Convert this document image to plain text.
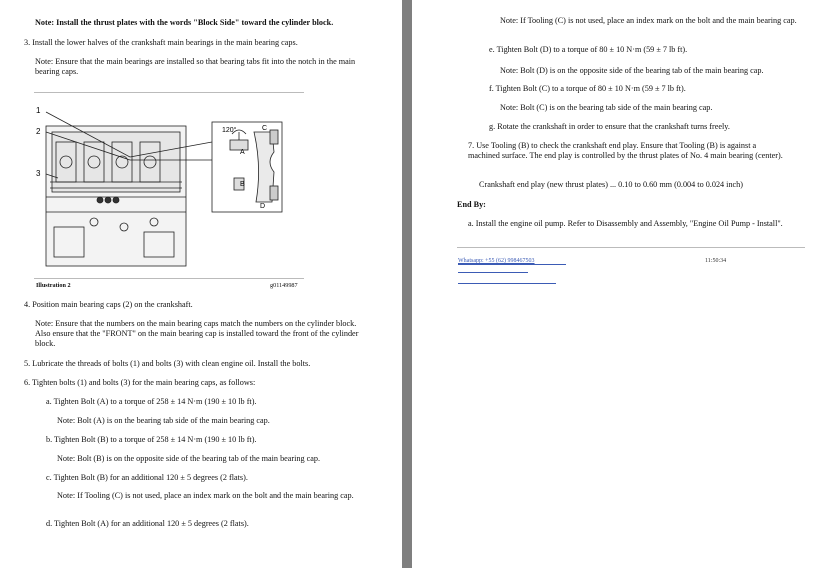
Note: Install the thrust plates with the words "Block Side" toward the cylinder block.

3. Install the lower halves of the crankshaft main bearings in the main bearing caps.

Note: Ensure that the main bearings are installed so that bearing tabs fit into the notch in the main bearing caps.

1
2
3
120°
A
B
C
D
Illustration 2	g01149987

4. Position main bearing caps (2) on the crankshaft.

Note: Ensure that the numbers on the main bearing caps match the numbers on the cylinder block. Also ensure that the "FRONT" on the main bearing cap is installed toward the front of the cylinder block.

5. Lubricate the threads of bolts (1) and bolts (3) with clean engine oil. Install the bolts.

6. Tighten bolts (1) and bolts (3) for the main bearing caps, as follows:

a. Tighten Bolt (A) to a torque of 258 ± 14 N·m (190 ± 10 lb ft).

Note: Bolt (A) is on the bearing tab side of the main bearing cap.

b. Tighten Bolt (B) to a torque of 258 ± 14 N·m (190 ± 10 lb ft).

Note: Bolt (B) is on the opposite side of the bearing tab of the main bearing cap.

c. Tighten Bolt (B) for an additional 120 ± 5 degrees (2 flats).

Note: If Tooling (C) is not used, place an index mark on the bolt and the main bearing cap.

d. Tighten Bolt (A) for an additional 120 ± 5 degrees (2 flats).

Note: If Tooling (C) is not used, place an index mark on the bolt and the main bearing cap.

e. Tighten Bolt (D) to a torque of 80 ± 10 N·m (59 ± 7 lb ft).

Note: Bolt (D) is on the opposite side of the bearing tab of the main bearing cap.

f. Tighten Bolt (C) to a torque of 80 ± 10 N·m (59 ± 7 lb ft).

Note: Bolt (C) is on the bearing tab side of the main bearing cap.

g. Rotate the crankshaft in order to ensure that the crankshaft turns freely.

7. Use Tooling (B) to check the crankshaft end play. Ensure that Tooling (B) is against a machined surface. The end play is controlled by the thrust plates of No. 4 main bearing (center).

Crankshaft end play (new thrust plates) ... 0.10 to 0.60 mm (0.004 to 0.024 inch)

End By:

a. Install the engine oil pump. Refer to Disassembly and Assembly, "Engine Oil Pump - Install".

Whatsapp: +55 (62) 998467503	11:50:34
